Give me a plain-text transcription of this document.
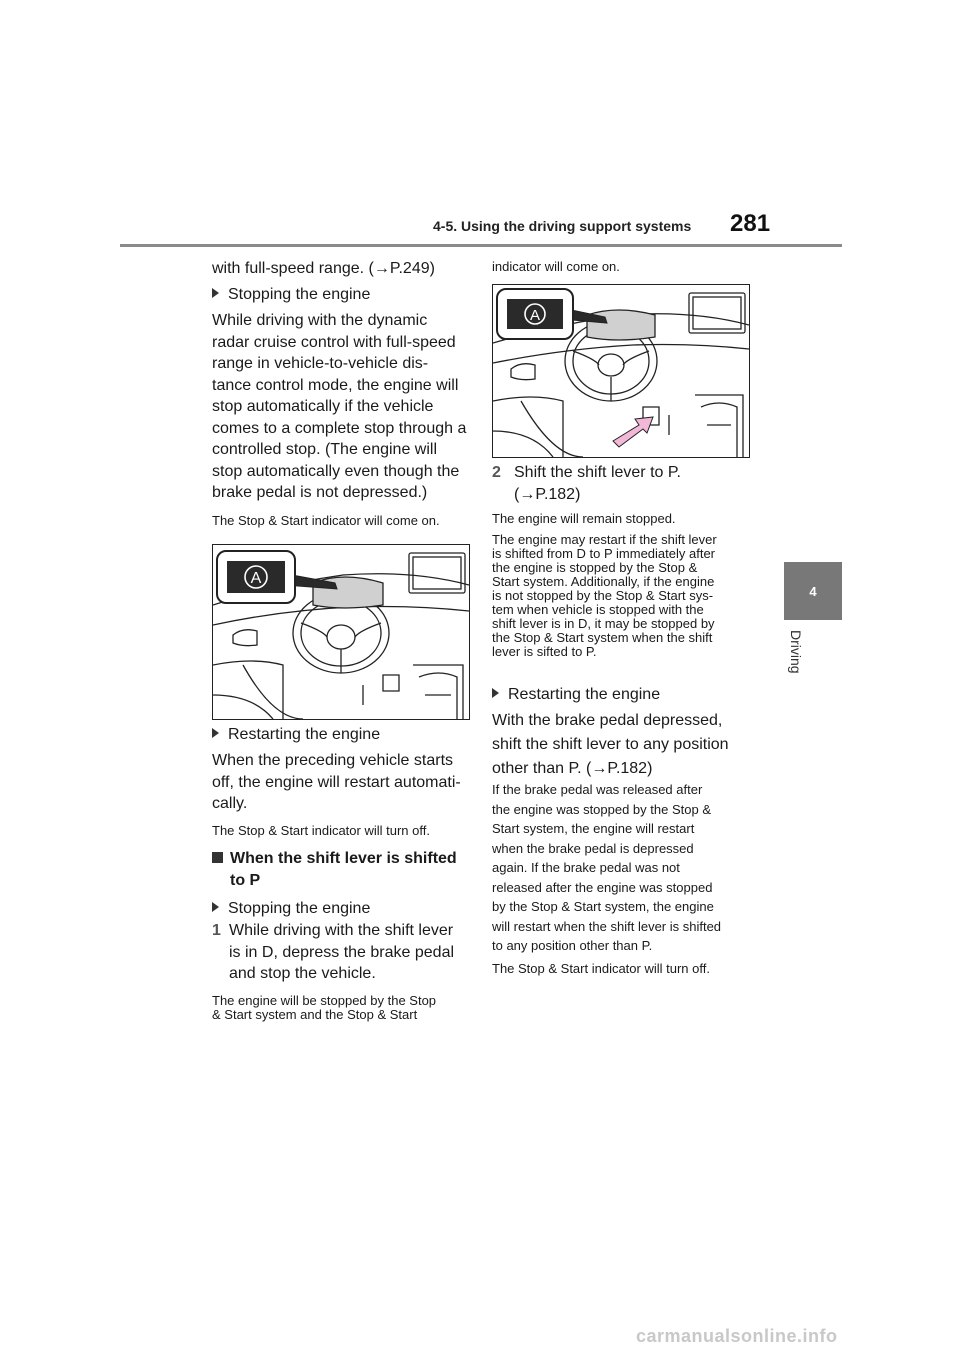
4-5. Using the driving support systems 281
4
Driving
with full-speed range. (→P.249)
Stopping the engine
While driving with the dynamic
radar cruise control with full-speed
range in vehicle-to-vehicle dis-
tance control mode, the engine will
stop automatically if the vehicle
comes to a complete stop through a
controlled stop. (The engine will
stop automatically even though the
brake pedal is not depressed.)
The Stop & Start indicator will come on.
A
Restarting the engine
When the preceding vehicle starts
off, the engine will restart automati-
cally.
The Stop & Start indicator will turn off.
When the shift lever is shifted
to P
Stopping the engine
1 While driving with the shift lever
is in D, depress the brake pedal
and stop the vehicle.
The engine will be stopped by the Stop
& Start system and the Stop & Start
indicator will come on.
A
2 Shift the shift lever to P.
(→P.182)
The engine will remain stopped.
The engine may restart if the shift lever
is shifted from D to P immediately after
the engine is stopped by the Stop &
Start system. Additionally, if the engine
is not stopped by the Stop & Start sys-
tem when vehicle is stopped with the
shift lever is in D, it may be stopped by
the Stop & Start system when the shift
lever is sifted to P.
Restarting the engine
With the brake pedal depressed,
shift the shift lever to any position
other than P. (→P.182)
If the brake pedal was released after
the engine was stopped by the Stop &
Start system, the engine will restart
when the brake pedal is depressed
again. If the brake pedal was not
released after the engine was stopped
by the Stop & Start system, the engine
will restart when the shift lever is shifted
to any position other than P.
The Stop & Start indicator will turn off.
carmanualsonline.info
